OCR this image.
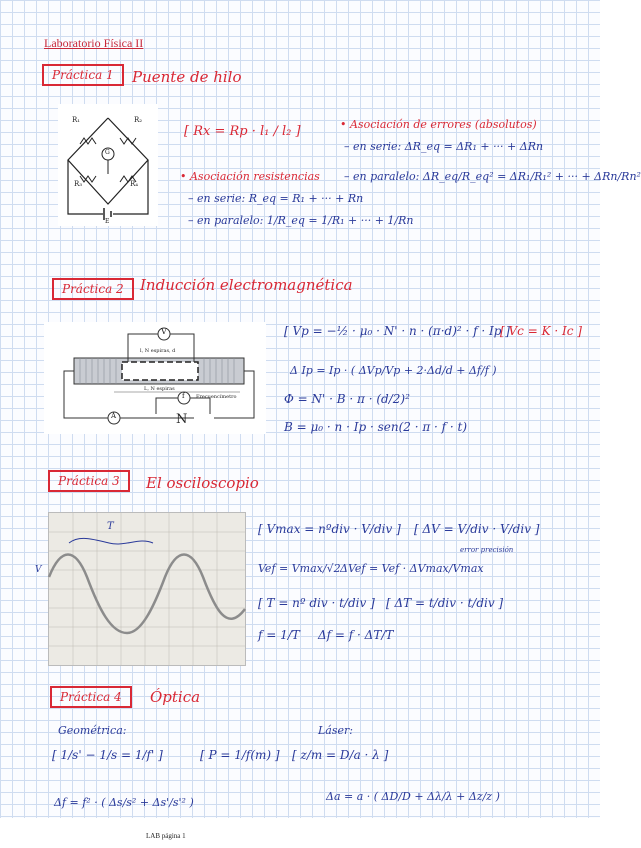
Laboratorio Física II
Práctica 1	Puente de hilo
R₁	R₂
R₃	R₄
G
E
[ Rx = Rp · l₁ / l₂ ]
• Asociación resistencias
– en serie: R_eq = R₁ + ··· + Rn
– en paralelo: 1/R_eq = 1/R₁ + ··· + 1/Rn
• Asociación de errores (absolutos)
– en serie: ΔR_eq = ΔR₁ + ··· + ΔRn
– en paralelo: ΔR_eq/R_eq² = ΔR₁/R₁² + ··· + ΔRn/Rn²
Práctica 2	Inducción electromagnética
V
l, N espiras, d
L, N espiras
f Frecuencímetro
A	N
[ Vp = −½ · μ₀ · N' · n · (π·d)² · f · Ip ]
[ Vc = K · Ic ]
Δ Ip = Ip · ( ΔVp/Vp + 2·Δd/d + Δf/f )
Φ = N' · B · π · (d/2)²
B = μ₀ · n · Ip · sen(2 · π · f · t)
Práctica 3	El osciloscopio
T
V
[ Vmax = nºdiv · V/div ] [ ΔV = V/div · V/div ]
error precisión
Vef = Vmax/√2 ΔVef = Vef · ΔVmax/Vmax
[ T = nº div · t/div ] [ ΔT = t/div · t/div ]
f = 1/T Δf = f · ΔT/T
Práctica 4	Óptica
Geométrica:	Láser:
[ 1/s' − 1/s = 1/f' ]	[ P = 1/f(m) ] [ z/m = D/a · λ ]
Δf = f² · ( Δs/s² + Δs'/s'² )	Δa = a · ( ΔD/D + Δλ/λ + Δz/z )
LAB página 1
